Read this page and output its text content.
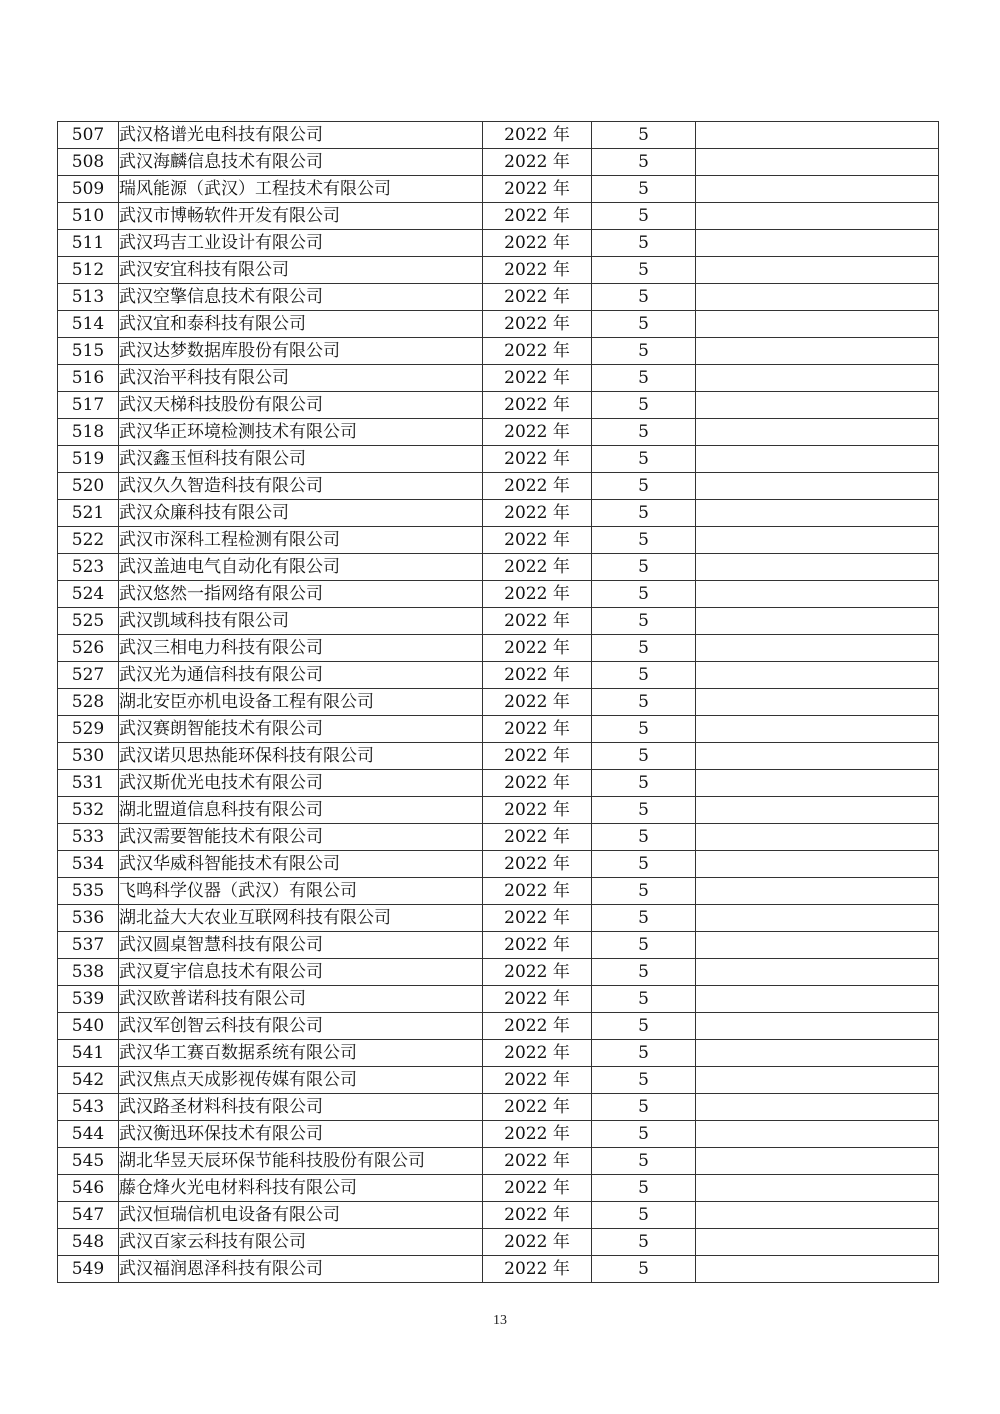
507	武汉格谱光电科技有限公司	2022 年	5	
508	武汉海麟信息技术有限公司	2022 年	5	
509	瑞风能源（武汉）工程技术有限公司	2022 年	5	
510	武汉市博畅软件开发有限公司	2022 年	5	
511	武汉玛吉工业设计有限公司	2022 年	5	
512	武汉安宜科技有限公司	2022 年	5	
513	武汉空擎信息技术有限公司	2022 年	5	
514	武汉宜和泰科技有限公司	2022 年	5	
515	武汉达梦数据库股份有限公司	2022 年	5	
516	武汉治平科技有限公司	2022 年	5	
517	武汉天梯科技股份有限公司	2022 年	5	
518	武汉华正环境检测技术有限公司	2022 年	5	
519	武汉鑫玉恒科技有限公司	2022 年	5	
520	武汉久久智造科技有限公司	2022 年	5	
521	武汉众廉科技有限公司	2022 年	5	
522	武汉市深科工程检测有限公司	2022 年	5	
523	武汉盖迪电气自动化有限公司	2022 年	5	
524	武汉悠然一指网络有限公司	2022 年	5	
525	武汉凯域科技有限公司	2022 年	5	
526	武汉三相电力科技有限公司	2022 年	5	
527	武汉光为通信科技有限公司	2022 年	5	
528	湖北安臣亦机电设备工程有限公司	2022 年	5	
529	武汉赛朗智能技术有限公司	2022 年	5	
530	武汉诺贝思热能环保科技有限公司	2022 年	5	
531	武汉斯优光电技术有限公司	2022 年	5	
532	湖北盟道信息科技有限公司	2022 年	5	
533	武汉需要智能技术有限公司	2022 年	5	
534	武汉华威科智能技术有限公司	2022 年	5	
535	飞鸣科学仪器（武汉）有限公司	2022 年	5	
536	湖北益大大农业互联网科技有限公司	2022 年	5	
537	武汉圆桌智慧科技有限公司	2022 年	5	
538	武汉夏宇信息技术有限公司	2022 年	5	
539	武汉欧普诺科技有限公司	2022 年	5	
540	武汉军创智云科技有限公司	2022 年	5	
541	武汉华工赛百数据系统有限公司	2022 年	5	
542	武汉焦点天成影视传媒有限公司	2022 年	5	
543	武汉路圣材料科技有限公司	2022 年	5	
544	武汉衡迅环保技术有限公司	2022 年	5	
545	湖北华昱天辰环保节能科技股份有限公司	2022 年	5	
546	藤仓烽火光电材料科技有限公司	2022 年	5	
547	武汉恒瑞信机电设备有限公司	2022 年	5	
548	武汉百家云科技有限公司	2022 年	5	
549	武汉福润恩泽科技有限公司	2022 年	5	
13
